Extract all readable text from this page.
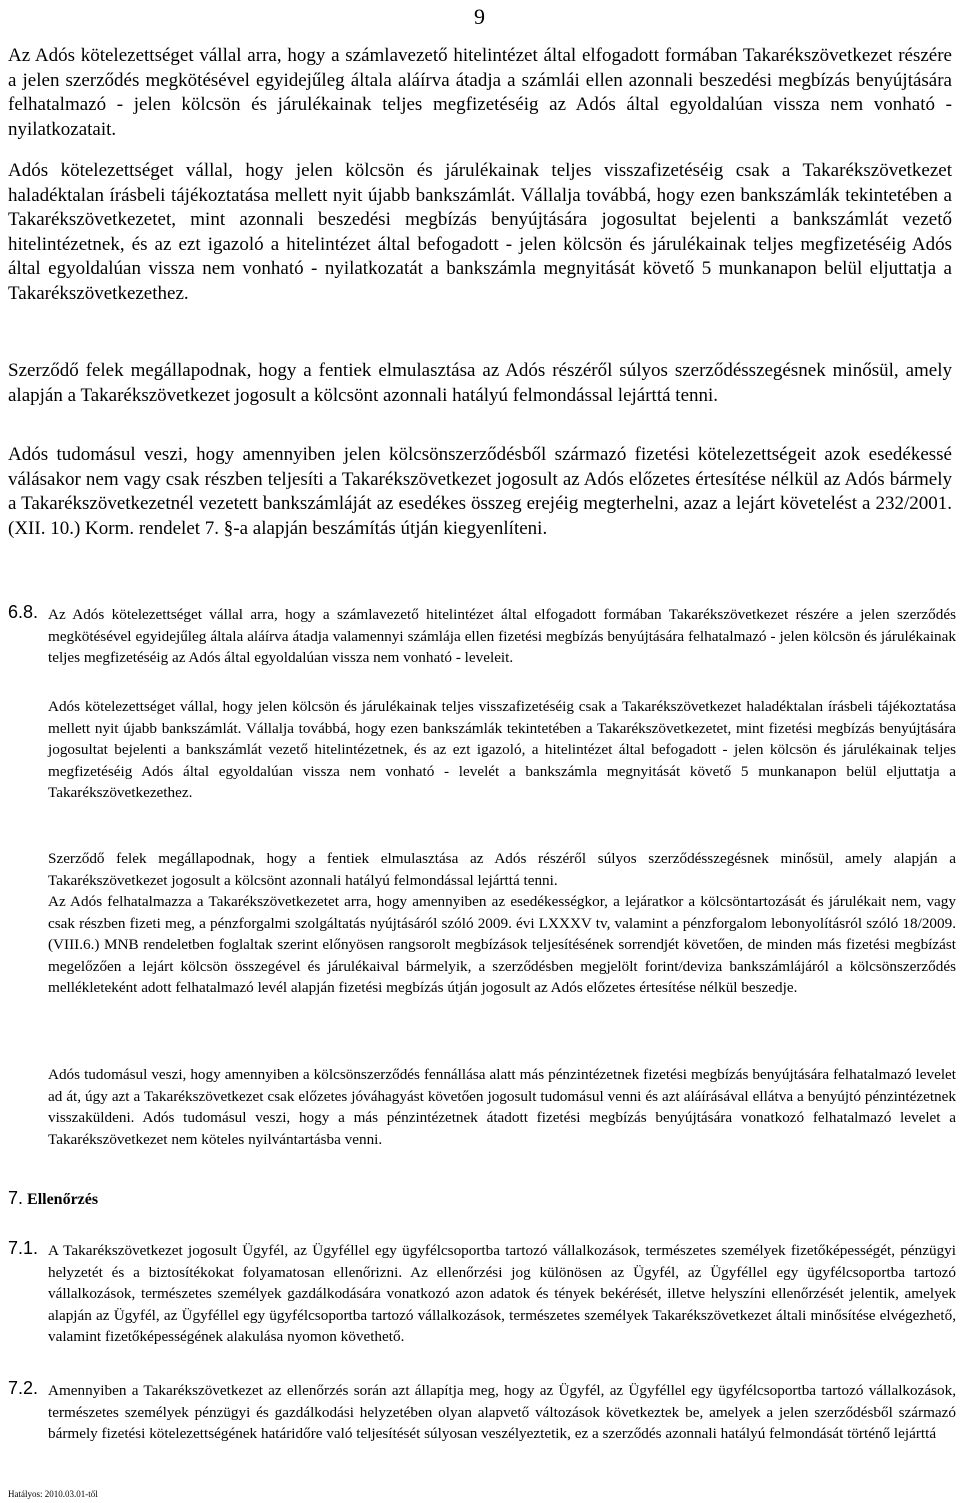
9
Az Adós kötelezettséget vállal arra, hogy a számlavezető hitelintézet által elfogadott formában Takarékszövetkezet részére a jelen szerződés megkötésével egyidejűleg általa aláírva átadja a számlái ellen azonnali beszedési megbízás benyújtására felhatalmazó - jelen kölcsön és járulékainak teljes megfizetéséig az Adós által egyoldalúan vissza nem vonható - nyilatkozatait.
Adós kötelezettséget vállal, hogy jelen kölcsön és járulékainak teljes visszafizetéséig csak a Takarékszövetkezet haladéktalan írásbeli tájékoztatása mellett nyit újabb bankszámlát. Vállalja továbbá, hogy ezen bankszámlák tekintetében a Takarékszövetkezetet, mint azonnali beszedési megbízás benyújtására jogosultat bejelenti a bankszámlát vezető hitelintézetnek, és az ezt igazoló a hitelintézet által befogadott - jelen kölcsön és járulékainak teljes megfizetéséig Adós által egyoldalúan vissza nem vonható - nyilatkozatát a bankszámla megnyitását követő 5 munkanapon belül eljuttatja a Takarékszövetkezethez.
Szerződő felek megállapodnak, hogy a fentiek elmulasztása az Adós részéről súlyos szerződésszegésnek minősül, amely alapján a Takarékszövetkezet jogosult a kölcsönt azonnali hatályú felmondással lejárttá tenni.
Adós tudomásul veszi, hogy amennyiben jelen kölcsönszerződésből származó fizetési kötelezettségeit azok esedékessé válásakor nem vagy csak részben teljesíti a Takarékszövetkezet jogosult az Adós előzetes értesítése nélkül az Adós bármely a Takarékszövetkezetnél vezetett bankszámláját az esedékes összeg erejéig megterhelni, azaz a lejárt követelést a 232/2001. (XII. 10.) Korm. rendelet 7. §-a alapján beszámítás útján kiegyenlíteni.
6.8. Az Adós kötelezettséget vállal arra, hogy a számlavezető hitelintézet által elfogadott formában Takarékszövetkezet részére a jelen szerződés megkötésével egyidejűleg általa aláírva átadja valamennyi számlája ellen fizetési megbízás benyújtására felhatalmazó - jelen kölcsön és járulékainak teljes megfizetéséig az Adós által egyoldalúan vissza nem vonható - leveleit.
Adós kötelezettséget vállal, hogy jelen kölcsön és járulékainak teljes visszafizetéséig csak a Takarékszövetkezet haladéktalan írásbeli tájékoztatása mellett nyit újabb bankszámlát. Vállalja továbbá, hogy ezen bankszámlák tekintetében a Takarékszövetkezetet, mint fizetési megbízás benyújtására jogosultat bejelenti a bankszámlát vezető hitelintézetnek, és az ezt igazoló, a hitelintézet által befogadott - jelen kölcsön és járulékainak teljes megfizetéséig Adós által egyoldalúan vissza nem vonható - levelét a bankszámla megnyitását követő 5 munkanapon belül eljuttatja a Takarékszövetkezethez.
Szerződő felek megállapodnak, hogy a fentiek elmulasztása az Adós részéről súlyos szerződésszegésnek minősül, amely alapján a Takarékszövetkezet jogosult a kölcsönt azonnali hatályú felmondással lejárttá tenni.
Az Adós felhatalmazza a Takarékszövetkezetet arra, hogy amennyiben az esedékességkor, a lejáratkor a kölcsöntartozását és járulékait nem, vagy csak részben fizeti meg, a pénzforgalmi szolgáltatás nyújtásáról szóló 2009. évi LXXXV tv, valamint a pénzforgalom lebonyolításról szóló 18/2009. (VIII.6.) MNB rendeletben foglaltak szerint előnyösen rangsorolt megbízások teljesítésének sorrendjét követően, de minden más fizetési megbízást megelőzően a lejárt kölcsön összegével és járulékaival bármelyik, a szerződésben megjelölt forint/deviza bankszámlájáról a kölcsönszerződés mellékleteként adott felhatalmazó levél alapján fizetési megbízás útján jogosult az Adós előzetes értesítése nélkül beszedje.
Adós tudomásul veszi, hogy amennyiben a kölcsönszerződés fennállása alatt más pénzintézetnek fizetési megbízás benyújtására felhatalmazó levelet ad át, úgy azt a Takarékszövetkezet csak előzetes jóváhagyást követően jogosult tudomásul venni és azt aláírásával ellátva a benyújtó pénzintézetnek visszaküldeni. Adós tudomásul veszi, hogy a más pénzintézetnek átadott fizetési megbízás benyújtására vonatkozó felhatalmazó levelet a Takarékszövetkezet nem köteles nyilvántartásba venni.
7. Ellenőrzés
7.1. A Takarékszövetkezet jogosult Ügyfél, az Ügyféllel egy ügyfélcsoportba tartozó vállalkozások, természetes személyek fizetőképességét, pénzügyi helyzetét és a biztosítékokat folyamatosan ellenőrizni. Az ellenőrzési jog különösen az Ügyfél, az Ügyféllel egy ügyfélcsoportba tartozó vállalkozások, természetes személyek gazdálkodására vonatkozó azon adatok és tények bekérését, illetve helyszíni ellenőrzését jelentik, amelyek alapján az Ügyfél, az Ügyféllel egy ügyfélcsoportba tartozó vállalkozások, természetes személyek Takarékszövetkezet általi minősítése elvégezhető, valamint fizetőképességének alakulása nyomon követhető.
7.2. Amennyiben a Takarékszövetkezet az ellenőrzés során azt állapítja meg, hogy az Ügyfél, az Ügyféllel egy ügyfélcsoportba tartozó vállalkozások, természetes személyek pénzügyi és gazdálkodási helyzetében olyan alapvető változások következtek be, amelyek a jelen szerződésből származó bármely fizetési kötelezettségének határidőre való teljesítését súlyosan veszélyeztetik, ez a szerződés azonnali hatályú felmondását történő lejárttá
Hatályos: 2010.03.01-től
